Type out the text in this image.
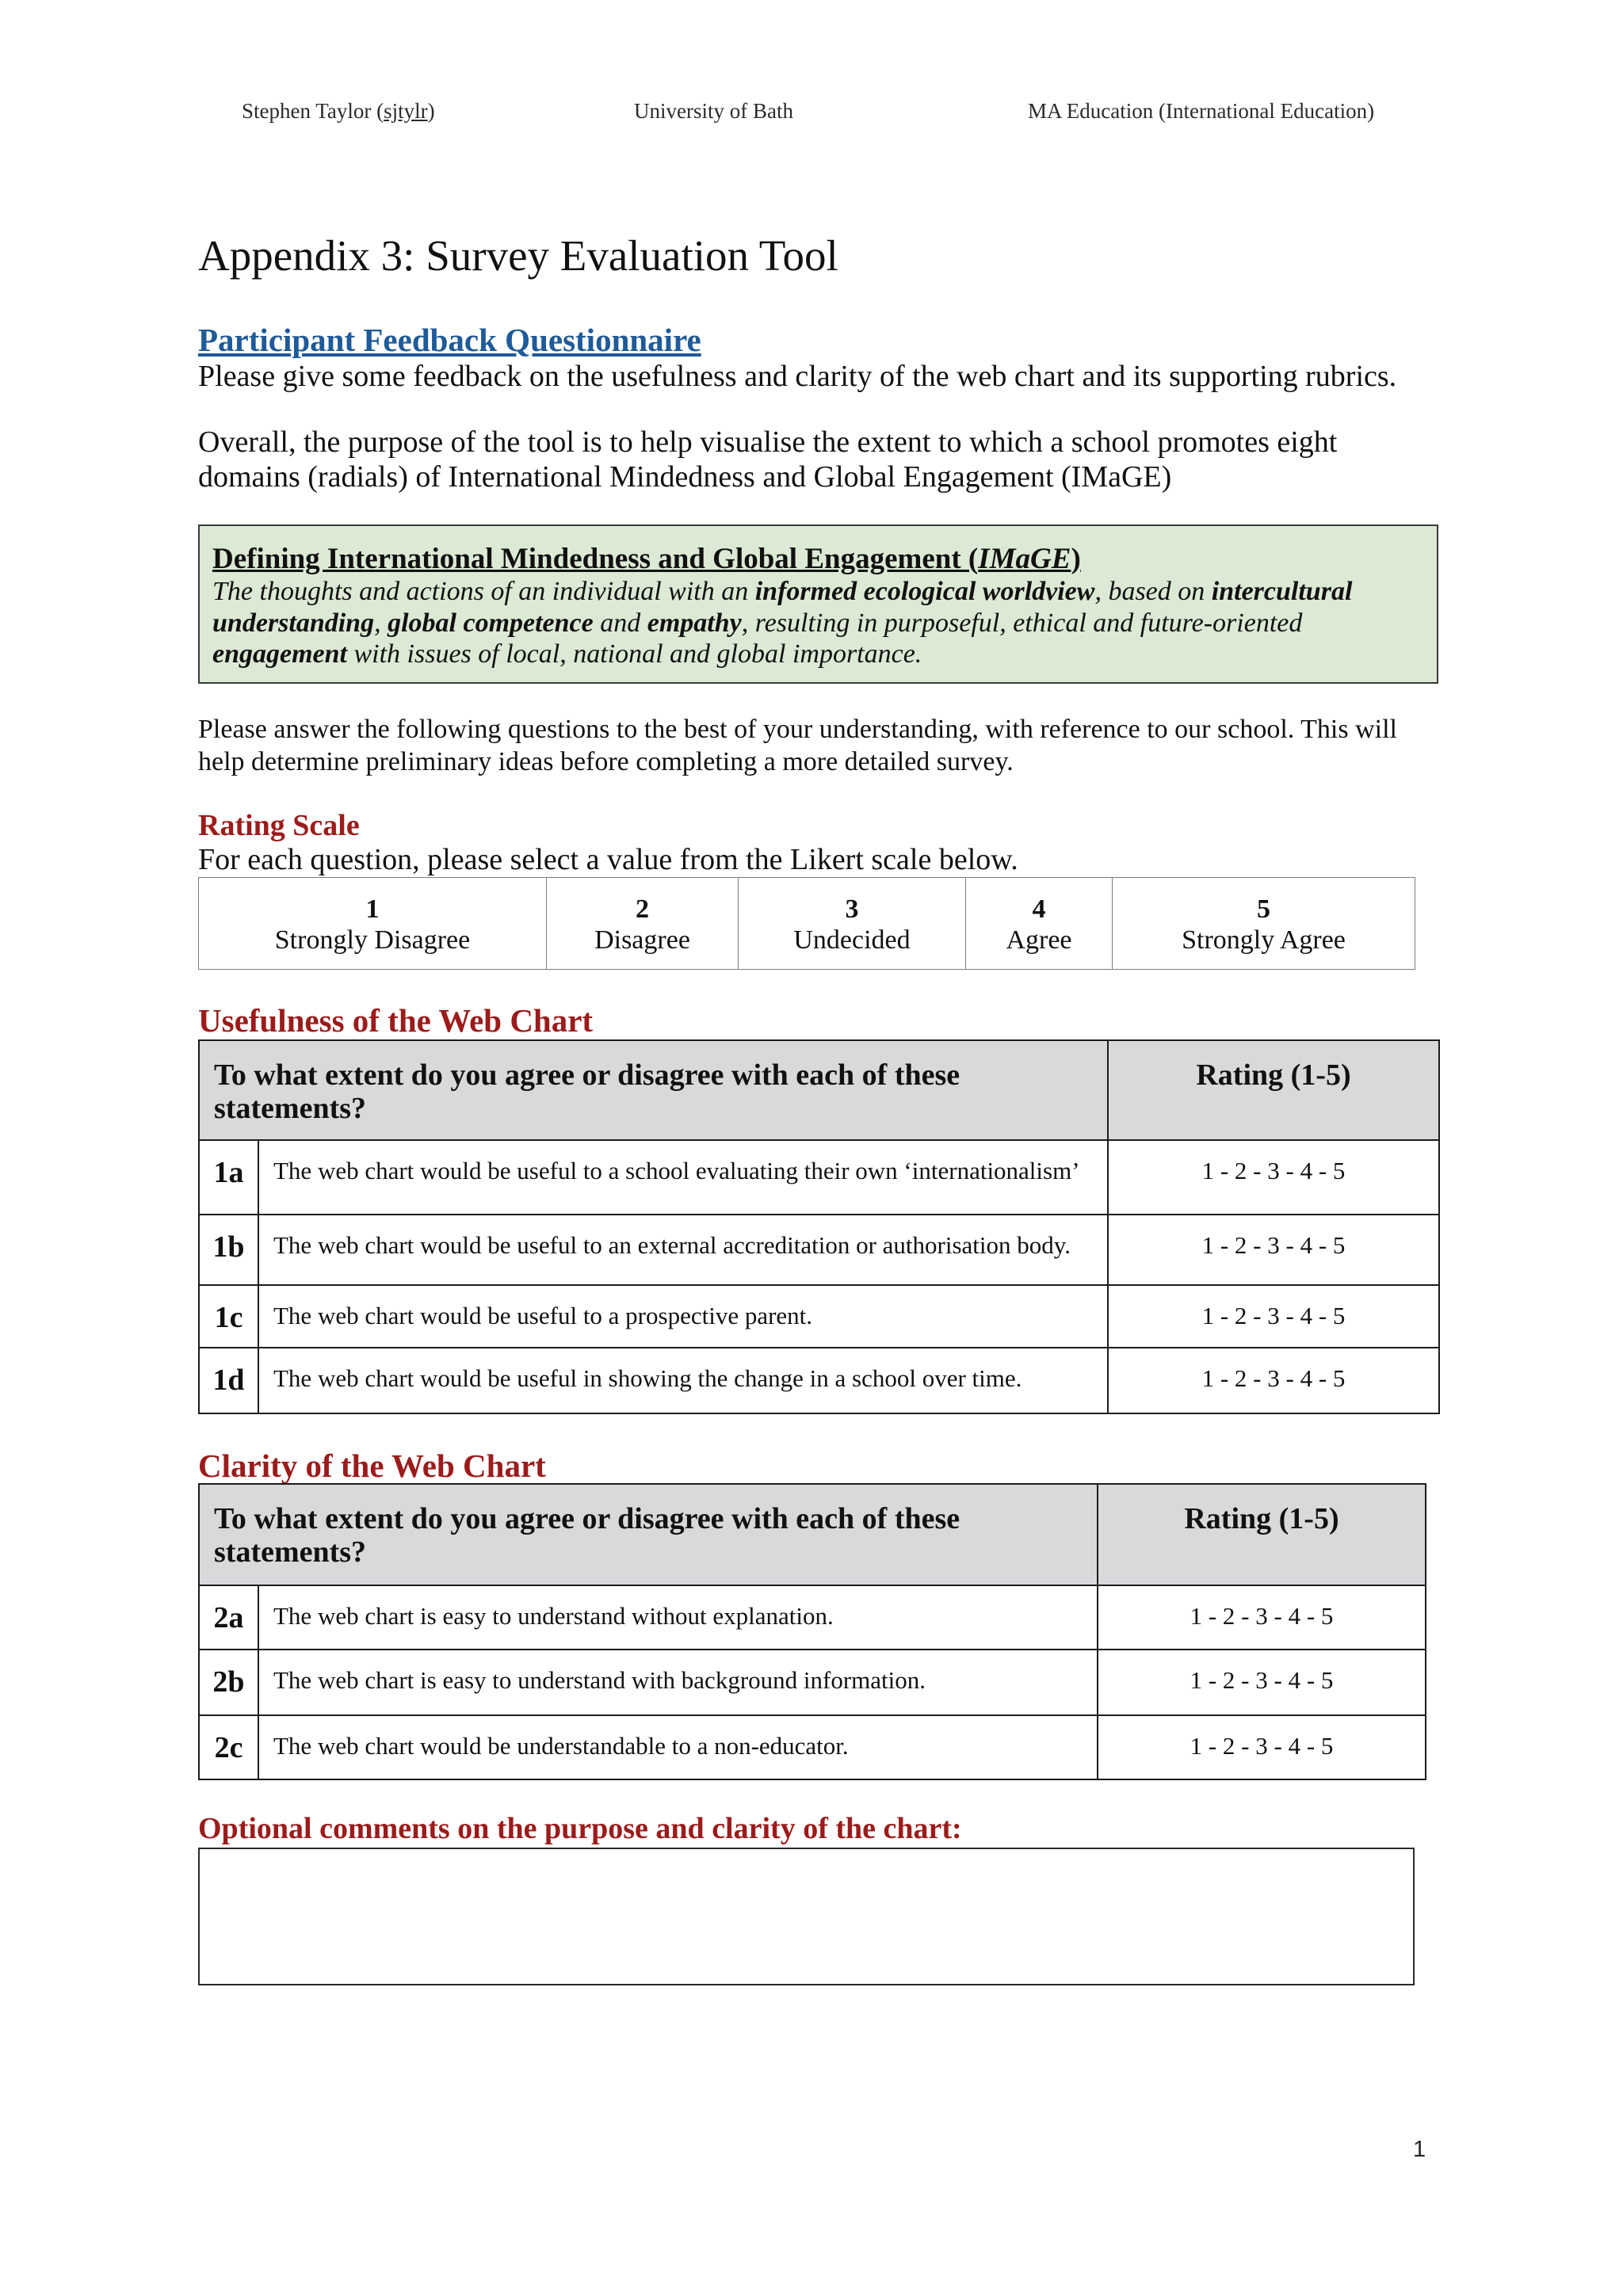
Stephen Taylor (sjtylr)	University of Bath	MA Education (International Education)
Appendix 3: Survey Evaluation Tool
Participant Feedback Questionnaire

Please give some feedback on the usefulness and clarity of the web chart and its supporting rubrics.

Overall, the purpose of the tool is to help visualise the extent to which a school promotes eight
domains (radials) of International Mindedness and Global Engagement (IMaGE)
Defining International Mindedness and Global Engagement (IMaGE)
The thoughts and actions of an individual with an informed ecological worldview, based on intercultural
understanding, global competence and empathy, resulting in purposeful, ethical and future-oriented
engagement with issues of local, national and global importance.
Please answer the following questions to the best of your understanding, with reference to our school. This will
help determine preliminary ideas before completing a more detailed survey.
Rating Scale

For each question, please select a value from the Likert scale below.

1
Strongly Disagree

2
Disagree

3
Undecided

4
Agree

5
Strongly Agree
Usefulness of the Web Chart
To what extent do you agree or disagree with each of these statements?		Rating (1-5)
1a	The web chart would be useful to a school evaluating their own ‘internationalism’	1 - 2 - 3 - 4 - 5
1b	The web chart would be useful to an external accreditation or authorisation body.	1 - 2 - 3 - 4 - 5
1c	The web chart would be useful to a prospective parent.	1 - 2 - 3 - 4 - 5
1d	The web chart would be useful in showing the change in a school over time.	1 - 2 - 3 - 4 - 5
Clarity of the Web Chart
To what extent do you agree or disagree with each of these statements?		Rating (1-5)
2a	The web chart is easy to understand without explanation.	1 - 2 - 3 - 4 - 5
2b	The web chart is easy to understand with background information.	1 - 2 - 3 - 4 - 5
2c	The web chart would be understandable to a non-educator.	1 - 2 - 3 - 4 - 5
Optional comments on the purpose and clarity of the chart:
1
